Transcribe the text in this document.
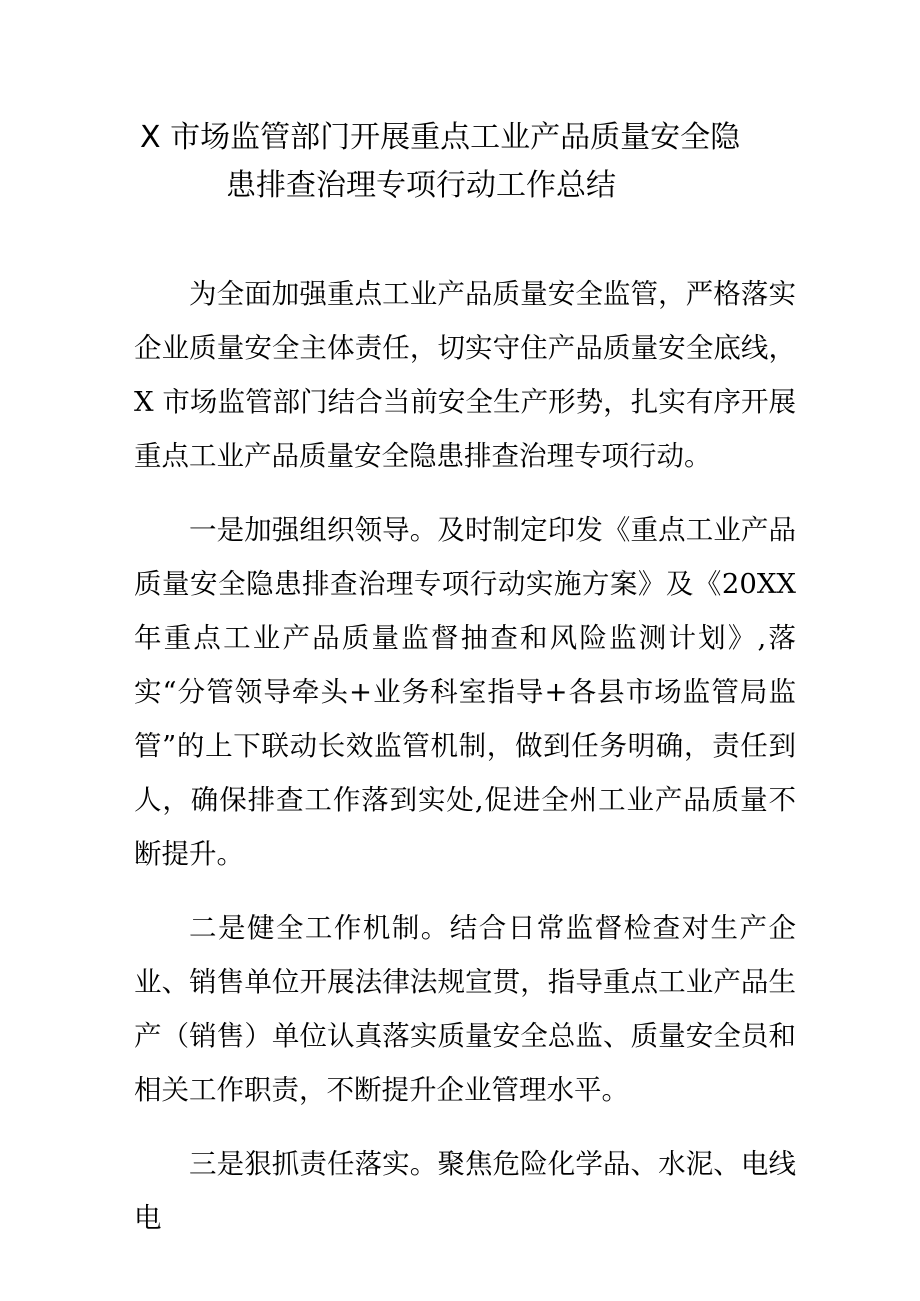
X 市场监管部门开展重点工业产品质量安全隐
患排查治理专项行动工作总结

为全面加强重点工业产品质量安全监管，严格落实企业质量安全主体责任，切实守住产品质量安全底线，X 市场监管部门结合当前安全生产形势，扎实有序开展重点工业产品质量安全隐患排查治理专项行动。

一是加强组织领导。及时制定印发《重点工业产品质量安全隐患排查治理专项行动实施方案》及《20XX 年重点工业产品质量监督抽查和风险监测计划》,落实“分管领导牵头+业务科室指导+各县市场监管局监管”的上下联动长效监管机制，做到任务明确，责任到人，确保排查工作落到实处,促进全州工业产品质量不断提升。

二是健全工作机制。结合日常监督检查对生产企业、销售单位开展法律法规宣贯，指导重点工业产品生产（销售）单位认真落实质量安全总监、质量安全员和相关工作职责，不断提升企业管理水平。

三是狠抓责任落实。聚焦危险化学品、水泥、电线电
